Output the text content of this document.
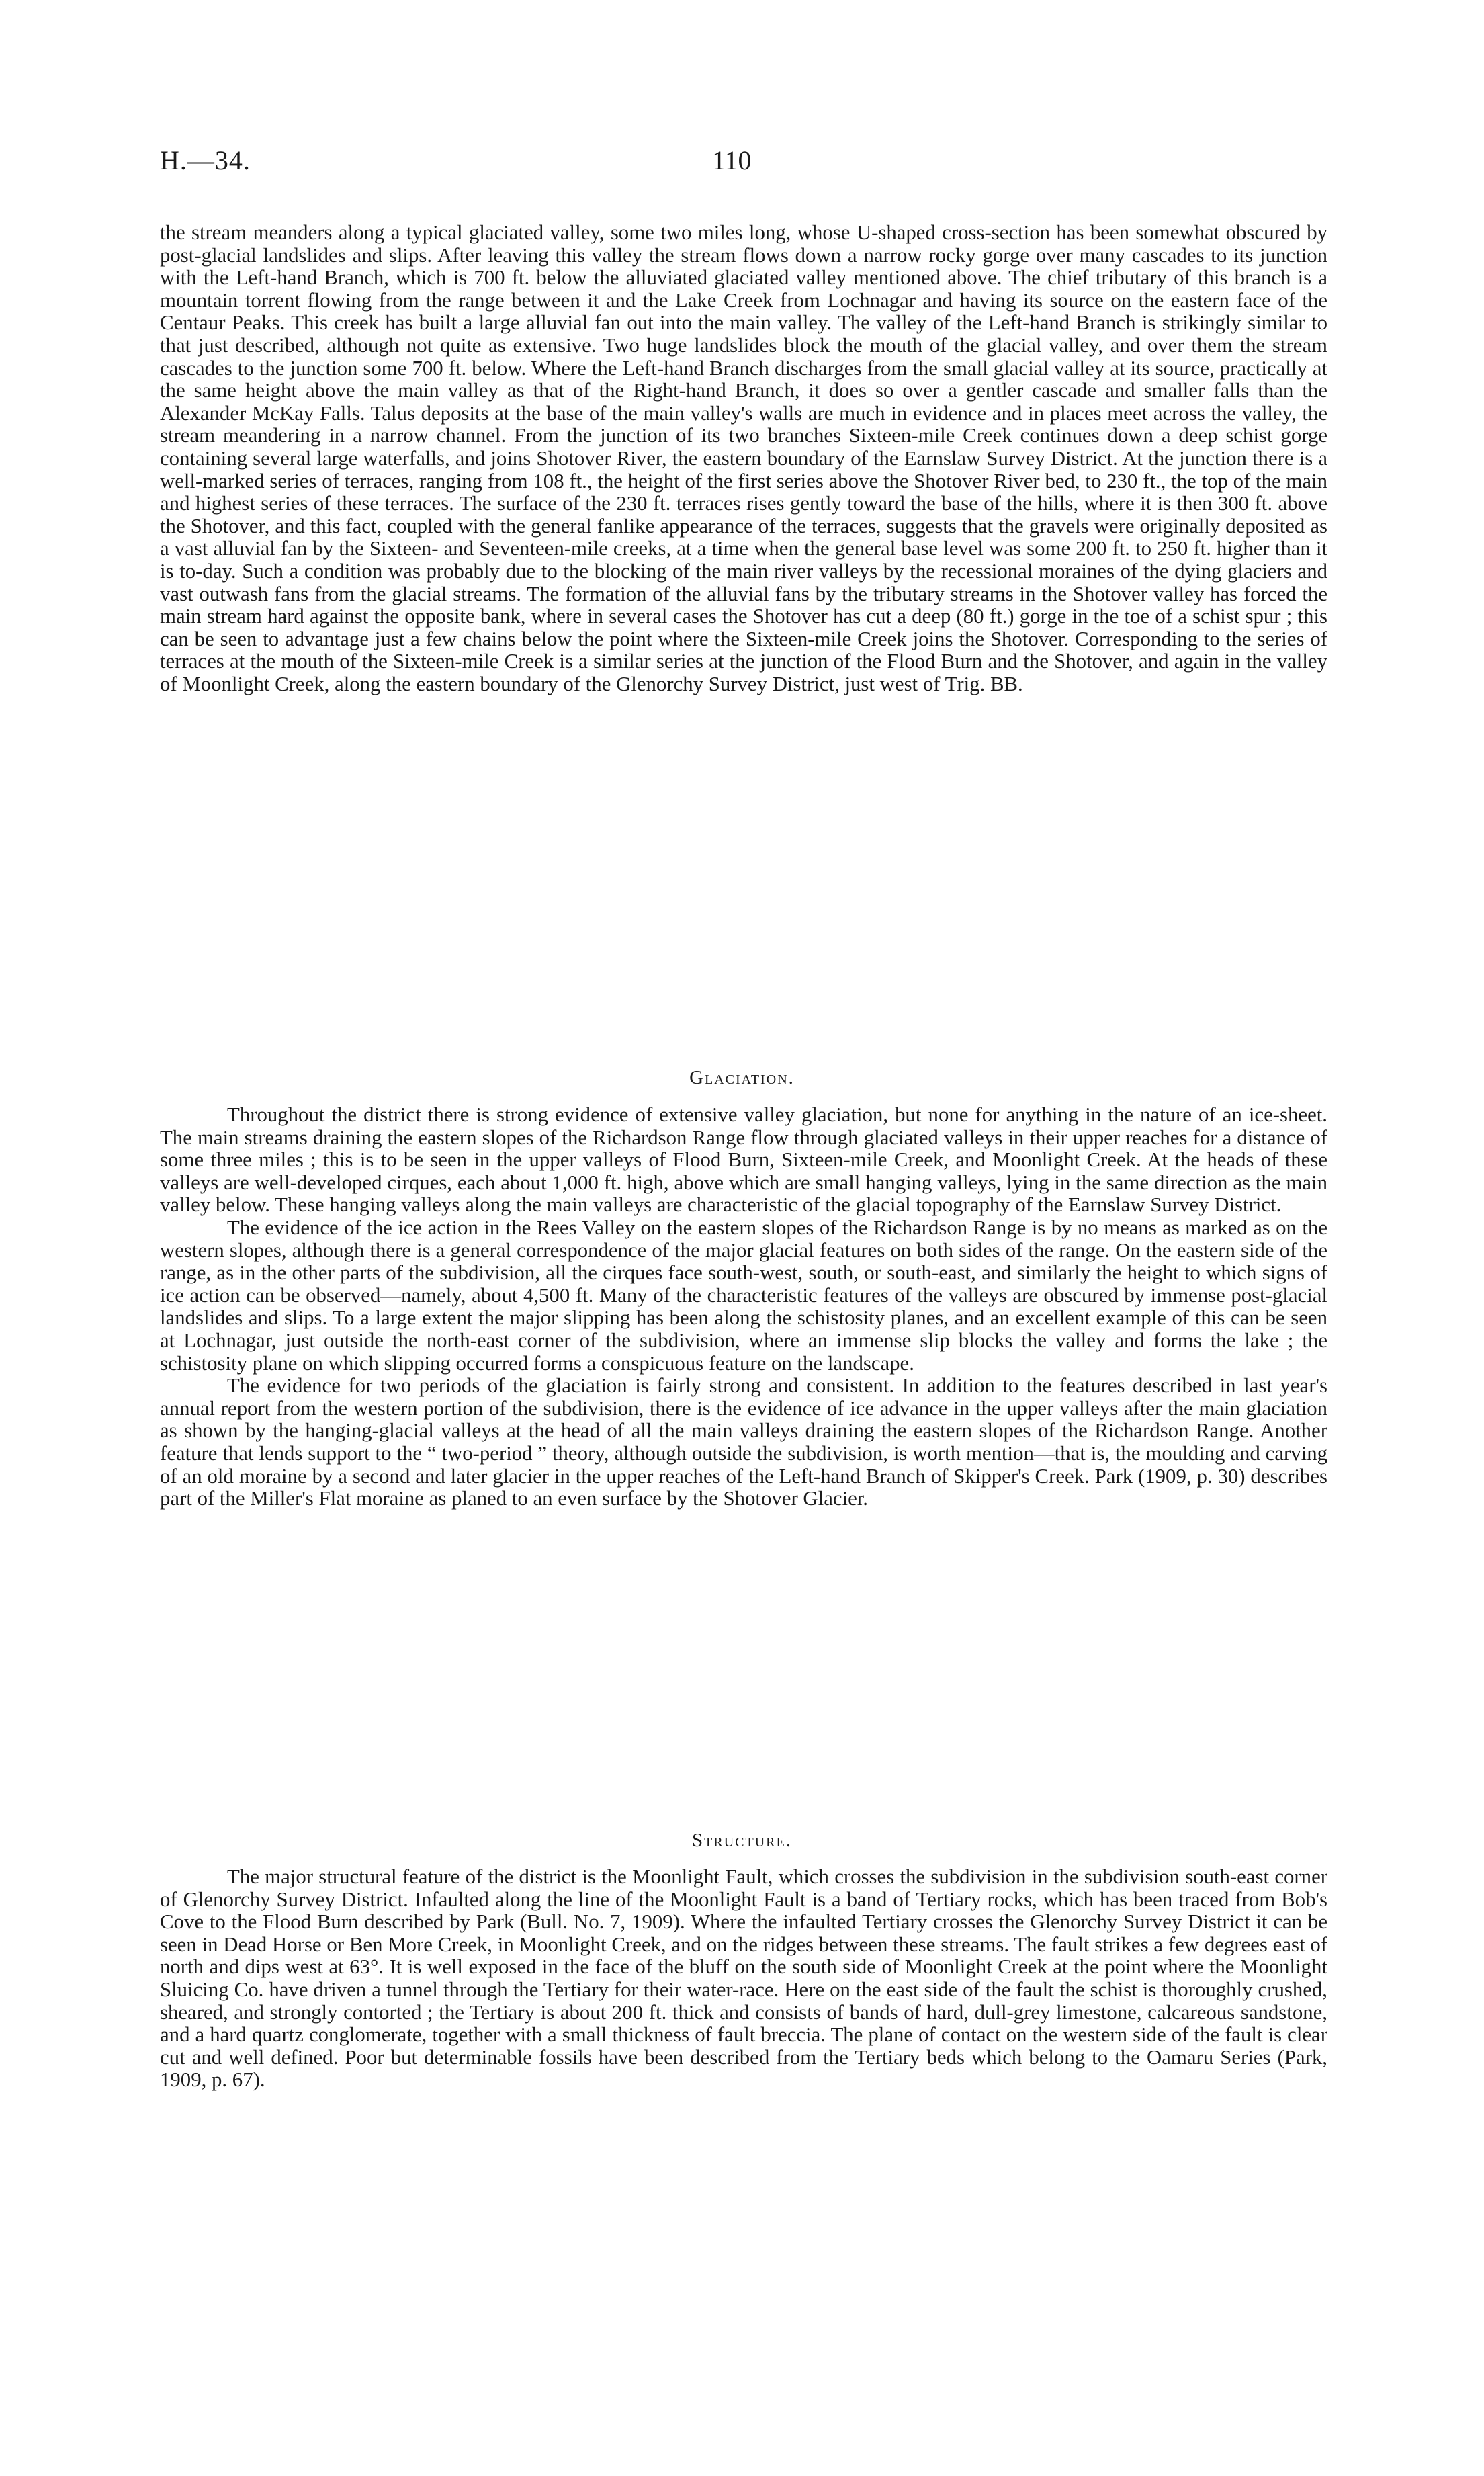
H.—34.	110

the stream meanders along a typical glaciated valley, some two miles long, whose U-shaped cross-section has been somewhat obscured by post-glacial landslides and slips. After leaving this valley the stream flows down a narrow rocky gorge over many cascades to its junction with the Left-hand Branch, which is 700 ft. below the alluviated glaciated valley mentioned above. The chief tributary of this branch is a mountain torrent flowing from the range between it and the Lake Creek from Lochnagar and having its source on the eastern face of the Centaur Peaks. This creek has built a large alluvial fan out into the main valley. The valley of the Left-hand Branch is strikingly similar to that just described, although not quite as extensive. Two huge landslides block the mouth of the glacial valley, and over them the stream cascades to the junction some 700 ft. below. Where the Left-hand Branch discharges from the small glacial valley at its source, practically at the same height above the main valley as that of the Right-hand Branch, it does so over a gentler cascade and smaller falls than the Alexander McKay Falls. Talus deposits at the base of the main valley's walls are much in evidence and in places meet across the valley, the stream meandering in a narrow channel. From the junction of its two branches Sixteen-mile Creek continues down a deep schist gorge containing several large waterfalls, and joins Shotover River, the eastern boundary of the Earnslaw Survey District. At the junction there is a well-marked series of terraces, ranging from 108 ft., the height of the first series above the Shotover River bed, to 230 ft., the top of the main and highest series of these terraces. The surface of the 230 ft. terraces rises gently toward the base of the hills, where it is then 300 ft. above the Shotover, and this fact, coupled with the general fanlike appearance of the terraces, suggests that the gravels were originally deposited as a vast alluvial fan by the Sixteen- and Seventeen-mile creeks, at a time when the general base level was some 200 ft. to 250 ft. higher than it is to-day. Such a condition was probably due to the blocking of the main river valleys by the recessional moraines of the dying glaciers and vast outwash fans from the glacial streams. The formation of the alluvial fans by the tributary streams in the Shotover valley has forced the main stream hard against the opposite bank, where in several cases the Shotover has cut a deep (80 ft.) gorge in the toe of a schist spur ; this can be seen to advantage just a few chains below the point where the Sixteen-mile Creek joins the Shotover. Corresponding to the series of terraces at the mouth of the Sixteen-mile Creek is a similar series at the junction of the Flood Burn and the Shotover, and again in the valley of Moonlight Creek, along the eastern boundary of the Glenorchy Survey District, just west of Trig. BB.

Glaciation.

Throughout the district there is strong evidence of extensive valley glaciation, but none for anything in the nature of an ice-sheet. The main streams draining the eastern slopes of the Richardson Range flow through glaciated valleys in their upper reaches for a distance of some three miles ; this is to be seen in the upper valleys of Flood Burn, Sixteen-mile Creek, and Moonlight Creek. At the heads of these valleys are well-developed cirques, each about 1,000 ft. high, above which are small hanging valleys, lying in the same direction as the main valley below. These hanging valleys along the main valleys are characteristic of the glacial topography of the Earnslaw Survey District.

The evidence of the ice action in the Rees Valley on the eastern slopes of the Richardson Range is by no means as marked as on the western slopes, although there is a general correspondence of the major glacial features on both sides of the range. On the eastern side of the range, as in the other parts of the subdivision, all the cirques face south-west, south, or south-east, and similarly the height to which signs of ice action can be observed—namely, about 4,500 ft. Many of the characteristic features of the valleys are obscured by immense post-glacial landslides and slips. To a large extent the major slipping has been along the schistosity planes, and an excellent example of this can be seen at Lochnagar, just outside the north-east corner of the subdivision, where an immense slip blocks the valley and forms the lake ; the schistosity plane on which slipping occurred forms a conspicuous feature on the landscape.

The evidence for two periods of the glaciation is fairly strong and consistent. In addition to the features described in last year's annual report from the western portion of the subdivision, there is the evidence of ice advance in the upper valleys after the main glaciation as shown by the hanging-glacial valleys at the head of all the main valleys draining the eastern slopes of the Richardson Range. Another feature that lends support to the “ two-period ” theory, although outside the subdivision, is worth mention—that is, the moulding and carving of an old moraine by a second and later glacier in the upper reaches of the Left-hand Branch of Skipper's Creek. Park (1909, p. 30) describes part of the Miller's Flat moraine as planed to an even surface by the Shotover Glacier.

Structure.

The major structural feature of the district is the Moonlight Fault, which crosses the subdivision in the subdivision south-east corner of Glenorchy Survey District. Infaulted along the line of the Moonlight Fault is a band of Tertiary rocks, which has been traced from Bob's Cove to the Flood Burn described by Park (Bull. No. 7, 1909). Where the infaulted Tertiary crosses the Glenorchy Survey District it can be seen in Dead Horse or Ben More Creek, in Moonlight Creek, and on the ridges between these streams. The fault strikes a few degrees east of north and dips west at 63°. It is well exposed in the face of the bluff on the south side of Moonlight Creek at the point where the Moonlight Sluicing Co. have driven a tunnel through the Tertiary for their water-race. Here on the east side of the fault the schist is thoroughly crushed, sheared, and strongly contorted ; the Tertiary is about 200 ft. thick and consists of bands of hard, dull-grey limestone, calcareous sandstone, and a hard quartz conglomerate, together with a small thickness of fault breccia. The plane of contact on the western side of the fault is clear cut and well defined. Poor but determinable fossils have been described from the Tertiary beds which belong to the Oamaru Series (Park, 1909, p. 67).
